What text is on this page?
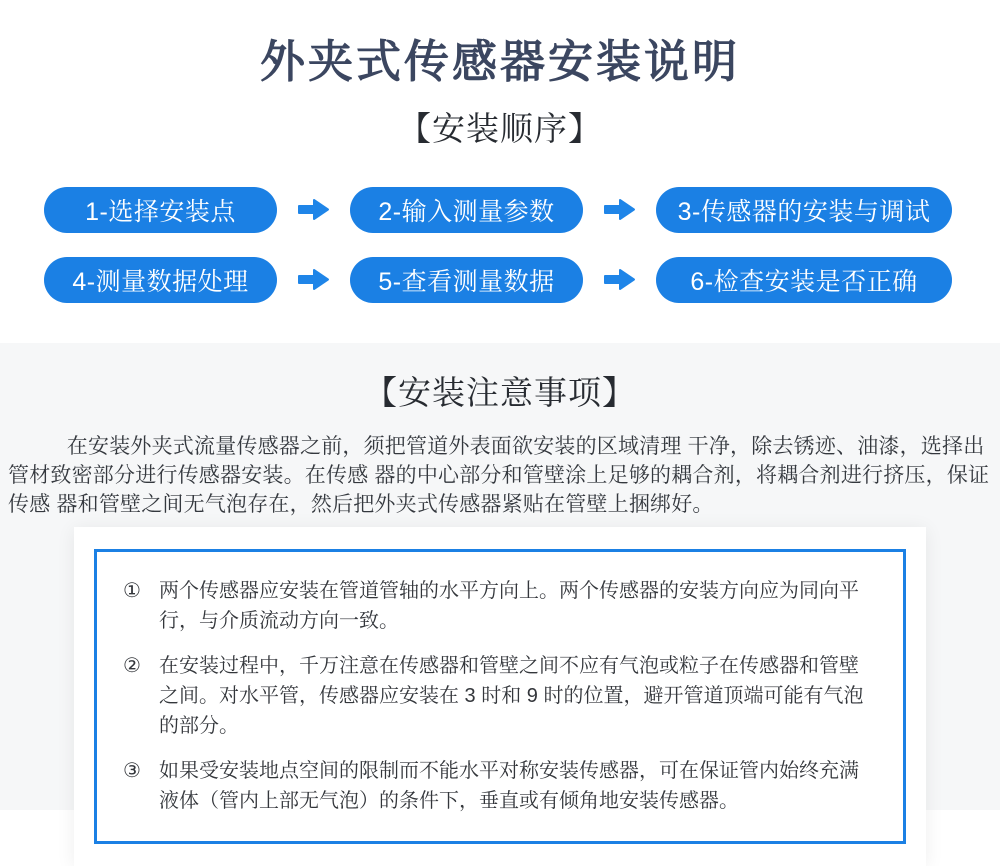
外夹式传感器安装说明
【安装顺序】
1-选择安装点	2-输入测量参数	3-传感器的安装与调试
4-测量数据处理	5-查看测量数据	6-检查安装是否正确
【安装注意事项】

在安装外夹式流量传感器之前，须把管道外表面欲安装的区域清理 干净，除去锈迹、油漆，选择出管材致密部分进行传感器安装。在传感 器的中心部分和管壁涂上足够的耦合剂，将耦合剂进行挤压，保证传感 器和管壁之间无气泡存在，然后把外夹式传感器紧贴在管壁上捆绑好。

① 两个传感器应安装在管道管轴的水平方向上。两个传感器的安装方向应为同向平行，与介质流动方向一致。
② 在安装过程中，千万注意在传感器和管壁之间不应有气泡或粒子在传感器和管壁之间。对水平管，传感器应安装在 3 时和 9 时的位置，避开管道顶端可能有气泡的部分。
③ 如果受安装地点空间的限制而不能水平对称安装传感器，可在保证管内始终充满液体（管内上部无气泡）的条件下，垂直或有倾角地安装传感器。
